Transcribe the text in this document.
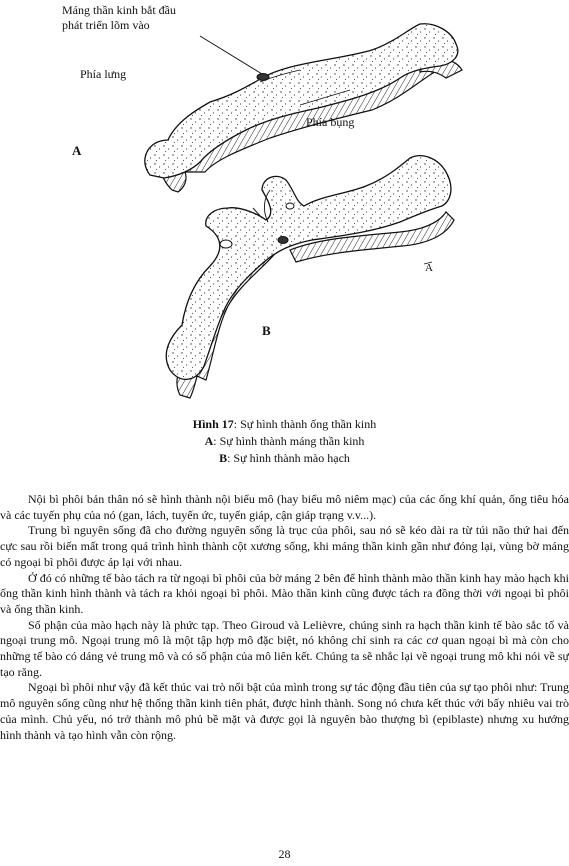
Máng thần kinh bắt đầu
phát triển lõm vào
Phía lưng
Phía bụng
A
B
A
Hình 17: Sự hình thành ống thần kinh
A: Sự hình thành máng thần kinh
B: Sự hình thành mào hạch

Nội bì phôi bản thân nó sẽ hình thành nội biểu mô (hay biểu mô niêm mạc) của các ống khí quản, ống tiêu hóa và các tuyến phụ của nó (gan, lách, tuyến ức, tuyến giáp, cận giáp trạng v.v...).

Trung bì nguyên sống đã cho đường nguyên sống là trục của phôi, sau nó sẽ kéo dài ra từ túi não thứ hai đến cực sau rồi biến mất trong quá trình hình thành cột xương sống, khi máng thần kinh gần như đóng lại, vùng bờ máng có ngoại bì phôi được áp lại với nhau.

Ở đó có những tế bào tách ra từ ngoại bì phôi của bờ máng 2 bên để hình thành mào thần kinh hay mào hạch khi ống thần kinh hình thành và tách ra khỏi ngoại bì phôi. Mào thần kinh cũng được tách ra đồng thời với ngoại bì phôi và ống thần kinh.

Số phận của mào hạch này là phức tạp. Theo Giroud và Lelièvre, chúng sinh ra hạch thần kinh tế bào sắc tố và ngoại trung mô. Ngoại trung mô là một tập hợp mô đặc biệt, nó không chỉ sinh ra các cơ quan ngoại bì mà còn cho những tế bào có dáng vẻ trung mô và có số phận của mô liên kết. Chúng ta sẽ nhắc lại về ngoại trung mô khi nói về sự tạo răng.

Ngoại bì phôi như vậy đã kết thúc vai trò nổi bật của mình trong sự tác động đầu tiên của sự tạo phôi như: Trung mô nguyên sống cũng như hệ thống thần kinh tiên phát, được hình thành. Song nó chưa kết thúc với bấy nhiêu vai trò của mình. Chủ yếu, nó trở thành mô phủ bề mặt và được gọi là nguyên bào thượng bì (epiblaste) nhưng xu hướng hình thành và tạo hình vẫn còn rộng.

28
